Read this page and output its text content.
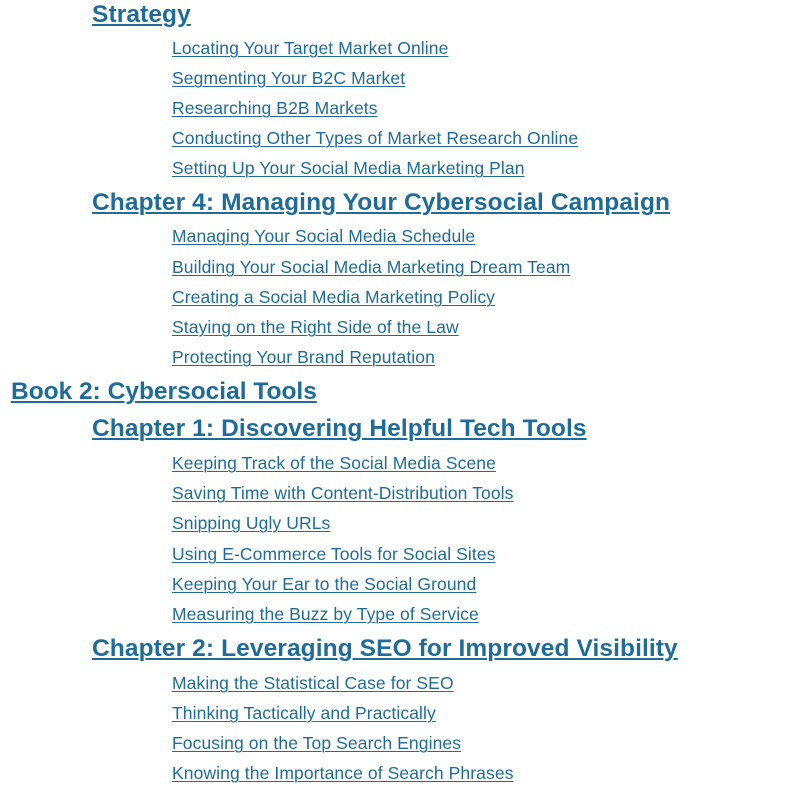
Strategy
Locating Your Target Market Online
Segmenting Your B2C Market
Researching B2B Markets
Conducting Other Types of Market Research Online
Setting Up Your Social Media Marketing Plan
Chapter 4: Managing Your Cybersocial Campaign
Managing Your Social Media Schedule
Building Your Social Media Marketing Dream Team
Creating a Social Media Marketing Policy
Staying on the Right Side of the Law
Protecting Your Brand Reputation
Book 2: Cybersocial Tools
Chapter 1: Discovering Helpful Tech Tools
Keeping Track of the Social Media Scene
Saving Time with Content-Distribution Tools
Snipping Ugly URLs
Using E-Commerce Tools for Social Sites
Keeping Your Ear to the Social Ground
Measuring the Buzz by Type of Service
Chapter 2: Leveraging SEO for Improved Visibility
Making the Statistical Case for SEO
Thinking Tactically and Practically
Focusing on the Top Search Engines
Knowing the Importance of Search Phrases
